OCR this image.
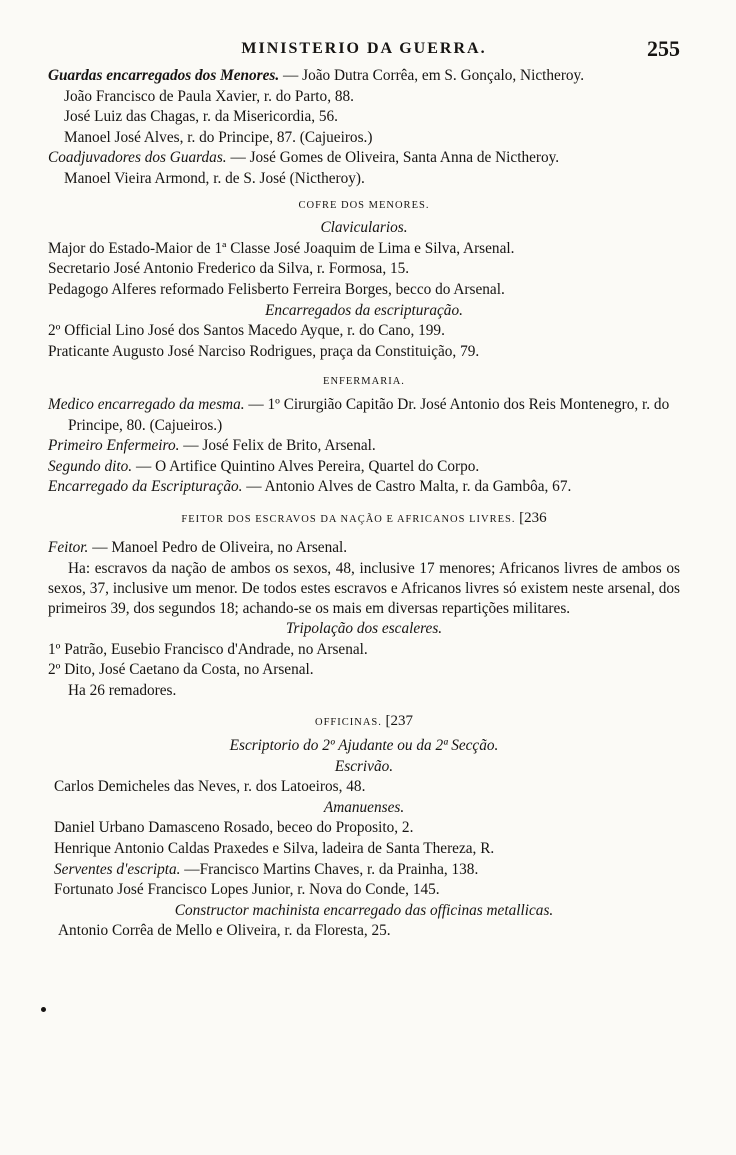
MINISTERIO DA GUERRA.	255
Guardas encarregados dos Menores. — João Dutra Corrêa, em S. Gonçalo, Nictheroy.
João Francisco de Paula Xavier, r. do Parto, 88.
José Luiz das Chagas, r. da Misericordia, 56.
Manoel José Alves, r. do Principe, 87. (Cajueiros.)
Coadjuvadores dos Guardas. — José Gomes de Oliveira, Santa Anna de Nictheroy.
Manoel Vieira Armond, r. de S. José (Nictheroy).
COFRE DOS MENORES.
Clavicularios.
Major do Estado-Maior de 1ª Classe José Joaquim de Lima e Silva, Arsenal.
Secretario José Antonio Frederico da Silva, r. Formosa, 15.
Pedagogo Alferes reformado Felisberto Ferreira Borges, becco do Arsenal.
Encarregados da escripturação.
2º Official Lino José dos Santos Macedo Ayque, r. do Cano, 199.
Praticante Augusto José Narciso Rodrigues, praça da Constituição, 79.
ENFERMARIA.
Medico encarregado da mesma. — 1º Cirurgião Capitão Dr. José Antonio dos Reis Montenegro, r. do Principe, 80. (Cajueiros.)
Primeiro Enfermeiro. — José Felix de Brito, Arsenal.
Segundo dito. — O Artifice Quintino Alves Pereira, Quartel do Corpo.
Encarregado da Escripturação. — Antonio Alves de Castro Malta, r. da Gambôa, 67.
FEITOR DOS ESCRAVOS DA NAÇÃO E AFRICANOS LIVRES. [236
Feitor. — Manoel Pedro de Oliveira, no Arsenal.
Ha: escravos da nação de ambos os sexos, 48, inclusive 17 menores; Africanos livres de ambos os sexos, 37, inclusive um menor. De todos estes escravos e Africanos livres só existem neste arsenal, dos primeiros 39, dos segundos 18; achando-se os mais em diversas repartições militares.
Tripolação dos escaleres.
1º Patrão, Eusebio Francisco d'Andrade, no Arsenal.
2º Dito, José Caetano da Costa, no Arsenal.
Ha 26 remadores.
OFFICINAS. [237
Escriptorio do 2º Ajudante ou da 2ª Secção.
Escrivão.
Carlos Demicheles das Neves, r. dos Latoeiros, 48.
Amanuenses.
Daniel Urbano Damasceno Rosado, beceo do Proposito, 2.
Henrique Antonio Caldas Praxedes e Silva, ladeira de Santa Thereza, R.
Serventes d'escripta. —Francisco Martins Chaves, r. da Prainha, 138.
Fortunato José Francisco Lopes Junior, r. Nova do Conde, 145.
Constructor machinista encarregado das officinas metallicas.
Antonio Corrêa de Mello e Oliveira, r. da Floresta, 25.
